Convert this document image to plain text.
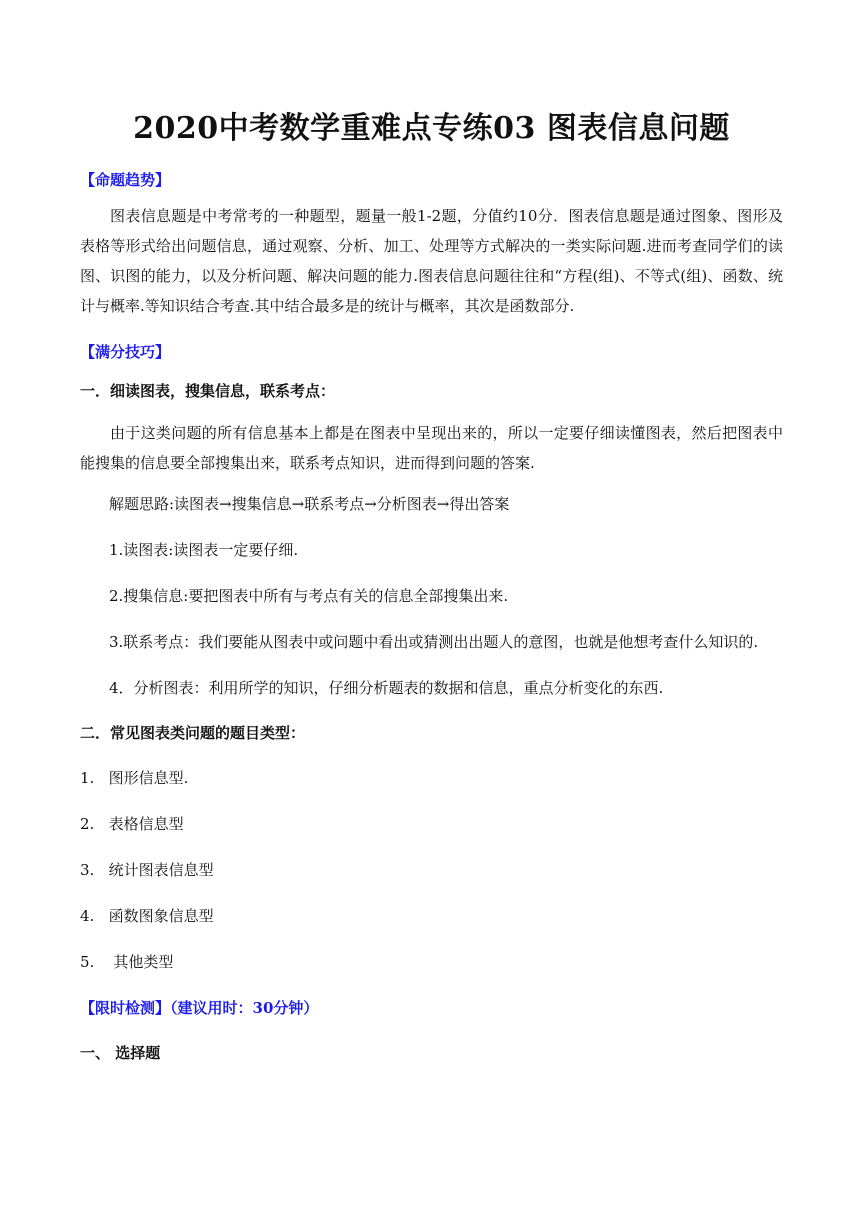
2020中考数学重难点专练03 图表信息问题
【命题趋势】

图表信息题是中考常考的一种题型，题量一般1-2题，分值约10分．图表信息题是通过图象、图形及表格等形式给出问题信息，通过观察、分析、加工、处理等方式解决的一类实际问题.进而考查同学们的读图、识图的能力，以及分析问题、解决问题的能力.图表信息问题往往和“方程(组)、不等式(组)、函数、统计与概率.等知识结合考查.其中结合最多是的统计与概率，其次是函数部分.

【满分技巧】
一．细读图表，搜集信息，联系考点：

由于这类问题的所有信息基本上都是在图表中呈现出来的，所以一定要仔细读懂图表，然后把图表中能搜集的信息要全部搜集出来，联系考点知识，进而得到问题的答案.

解题思路:读图表→搜集信息→联系考点→分析图表→得出答案
1.读图表:读图表一定要仔细.
2.搜集信息:要把图表中所有与考点有关的信息全部搜集出来.
3.联系考点：我们要能从图表中或问题中看出或猜测出出题人的意图，也就是他想考查什么知识的.
4．分析图表：利用所学的知识，仔细分析题表的数据和信息，重点分析变化的东西.
二．常见图表类问题的题目类型：
1.   图形信息型.
2.   表格信息型
3.   统计图表信息型
4.   函数图象信息型
5.    其他类型
【限时检测】（建议用时：30分钟）
一、 选择题
